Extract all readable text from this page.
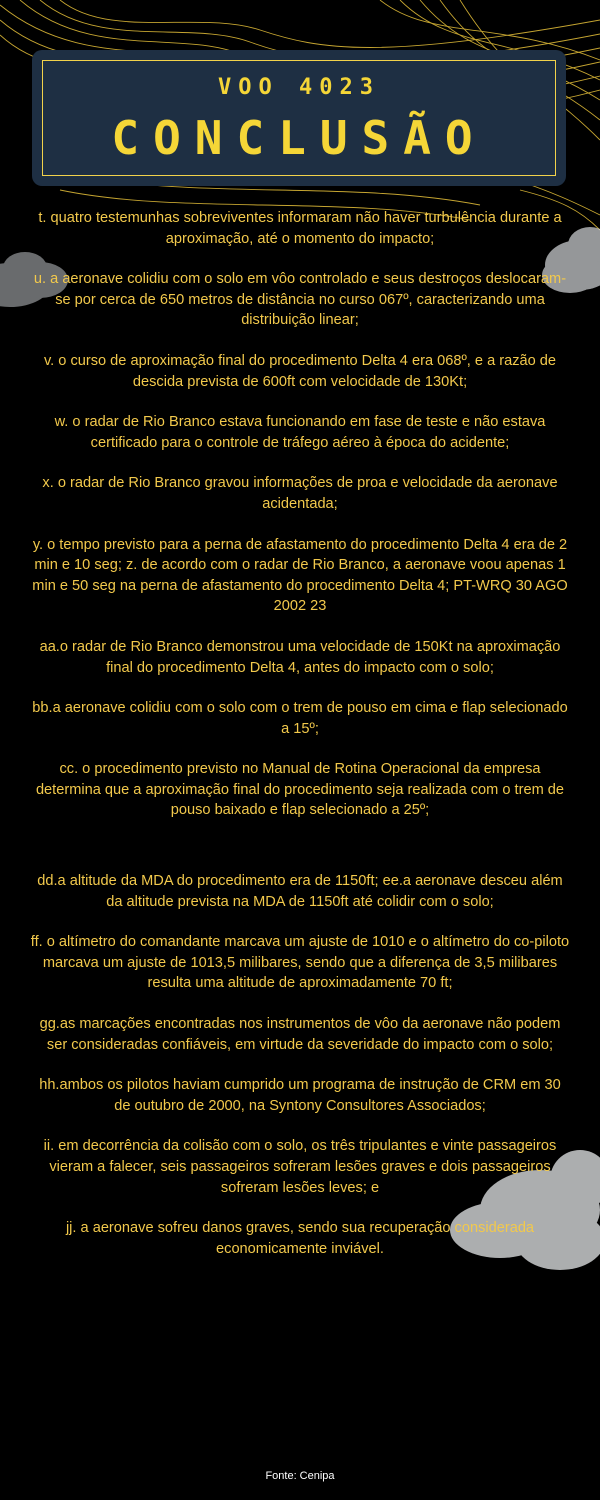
VOO 4023
CONCLUSÃO

t. quatro testemunhas sobreviventes informaram não haver turbulência durante a aproximação, até o momento do impacto;

u. a aeronave colidiu com o solo em vôo controlado e seus destroços deslocaram-se por cerca de 650 metros de distância no curso 067º, caracterizando uma distribuição linear;

v. o curso de aproximação final do procedimento Delta 4 era 068º, e a razão de descida prevista de 600ft com velocidade de 130Kt;

w. o radar de Rio Branco estava funcionando em fase de teste e não estava certificado para o controle de tráfego aéreo à época do acidente;

x. o radar de Rio Branco gravou informações de proa e velocidade da aeronave acidentada;

y. o tempo previsto para a perna de afastamento do procedimento Delta 4 era de 2 min e 10 seg; z. de acordo com o radar de Rio Branco, a aeronave voou apenas 1 min e 50 seg na perna de afastamento do procedimento Delta 4; PT-WRQ 30 AGO 2002 23

aa.o radar de Rio Branco demonstrou uma velocidade de 150Kt na aproximação final do procedimento Delta 4, antes do impacto com o solo;

bb.a aeronave colidiu com o solo com o trem de pouso em cima e flap selecionado a 15º;

cc. o procedimento previsto no Manual de Rotina Operacional da empresa determina que a aproximação final do procedimento seja realizada com o trem de pouso baixado e flap selecionado a 25º;

dd.a altitude da MDA do procedimento era de 1150ft; ee.a aeronave desceu além da altitude prevista na MDA de 1150ft até colidir com o solo;

ff. o altímetro do comandante marcava um ajuste de 1010 e o altímetro do co-piloto marcava um ajuste de 1013,5 milibares, sendo que a diferença de 3,5 milibares resulta uma altitude de aproximadamente 70 ft;

gg.as marcações encontradas nos instrumentos de vôo da aeronave não podem ser consideradas confiáveis, em virtude da severidade do impacto com o solo;

hh.ambos os pilotos haviam cumprido um programa de instrução de CRM em 30 de outubro de 2000, na Syntony Consultores Associados;

ii. em decorrência da colisão com o solo, os três tripulantes e vinte passageiros vieram a falecer, seis passageiros sofreram lesões graves e dois passageiros sofreram lesões leves; e

jj. a aeronave sofreu danos graves, sendo sua recuperação considerada economicamente inviável.

Fonte: Cenipa
